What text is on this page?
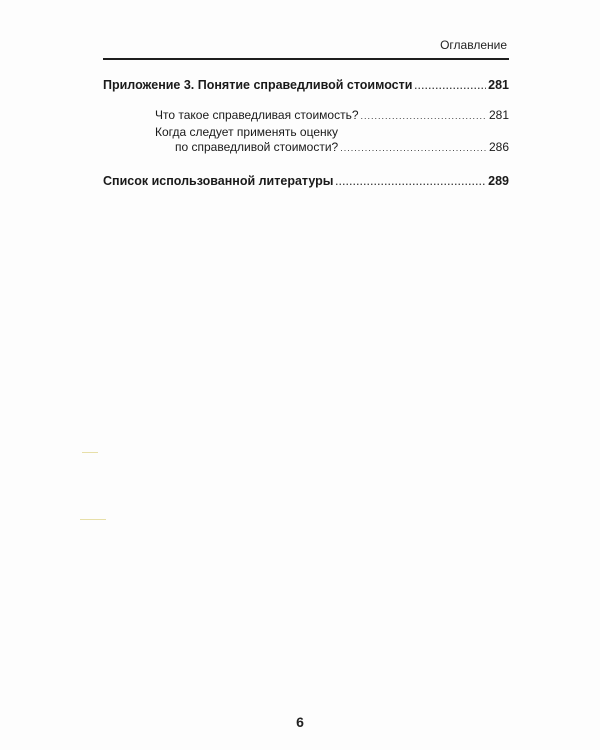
Оглавление
Приложение 3. Понятие справедливой стоимости .....	281
Что такое справедливая стоимость? .....	281
Когда следует применять оценку
по справедливой стоимости? .....	286
Список использованной литературы .....	289
6
